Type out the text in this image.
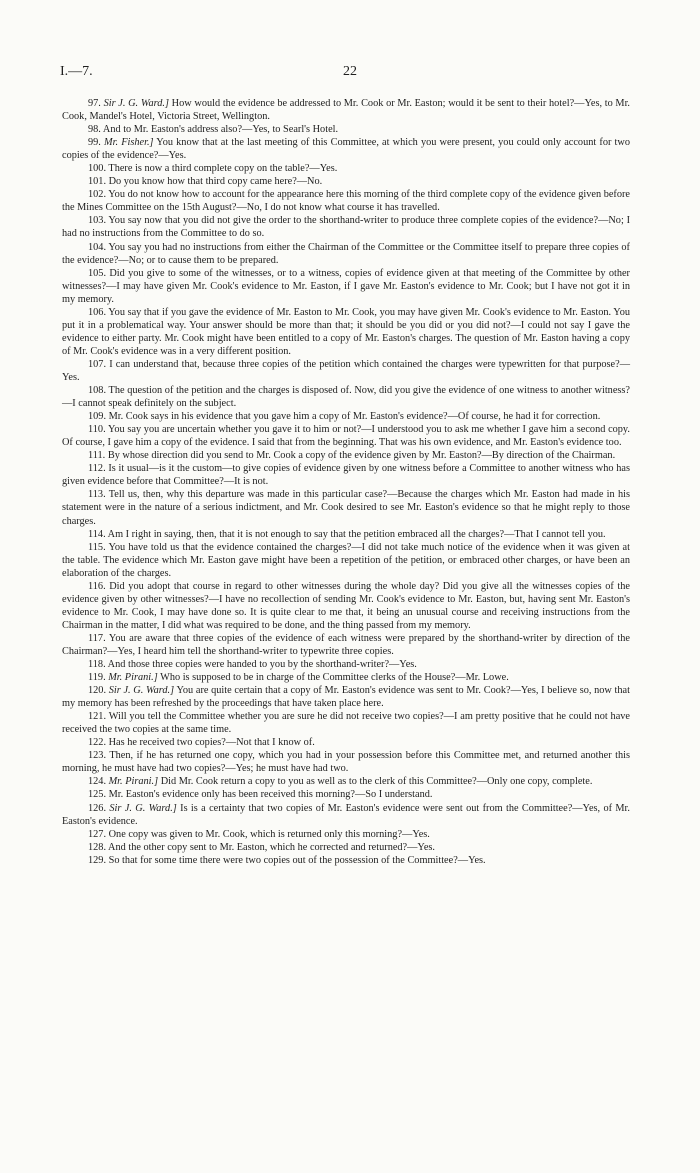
I.—7.	22

97. Sir J. G. Ward.] How would the evidence be addressed to Mr. Cook or Mr. Easton; would it be sent to their hotel?—Yes, to Mr. Cook, Mandel's Hotel, Victoria Street, Wellington.

98. And to Mr. Easton's address also?—Yes, to Searl's Hotel.

99. Mr. Fisher.] You know that at the last meeting of this Committee, at which you were present, you could only account for two copies of the evidence?—Yes.

100. There is now a third complete copy on the table?—Yes.

101. Do you know how that third copy came here?—No.

102. You do not know how to account for the appearance here this morning of the third complete copy of the evidence given before the Mines Committee on the 15th August?—No, I do not know what course it has travelled.

103. You say now that you did not give the order to the shorthand-writer to produce three complete copies of the evidence?—No; I had no instructions from the Committee to do so.

104. You say you had no instructions from either the Chairman of the Committee or the Committee itself to prepare three copies of the evidence?—No; or to cause them to be prepared.

105. Did you give to some of the witnesses, or to a witness, copies of evidence given at that meeting of the Committee by other witnesses?—I may have given Mr. Cook's evidence to Mr. Easton, if I gave Mr. Easton's evidence to Mr. Cook; but I have not got it in my memory.

106. You say that if you gave the evidence of Mr. Easton to Mr. Cook, you may have given Mr. Cook's evidence to Mr. Easton. You put it in a problematical way. Your answer should be more than that; it should be you did or you did not?—I could not say I gave the evidence to either party. Mr. Cook might have been entitled to a copy of Mr. Easton's charges. The question of Mr. Easton having a copy of Mr. Cook's evidence was in a very different position.

107. I can understand that, because three copies of the petition which contained the charges were typewritten for that purpose?—Yes.

108. The question of the petition and the charges is disposed of. Now, did you give the evidence of one witness to another witness?—I cannot speak definitely on the subject.

109. Mr. Cook says in his evidence that you gave him a copy of Mr. Easton's evidence?—Of course, he had it for correction.

110. You say you are uncertain whether you gave it to him or not?—I understood you to ask me whether I gave him a second copy. Of course, I gave him a copy of the evidence. I said that from the beginning. That was his own evidence, and Mr. Easton's evidence too.

111. By whose direction did you send to Mr. Cook a copy of the evidence given by Mr. Easton?—By direction of the Chairman.

112. Is it usual—is it the custom—to give copies of evidence given by one witness before a Committee to another witness who has given evidence before that Committee?—It is not.

113. Tell us, then, why this departure was made in this particular case?—Because the charges which Mr. Easton had made in his statement were in the nature of a serious indictment, and Mr. Cook desired to see Mr. Easton's evidence so that he might reply to those charges.

114. Am I right in saying, then, that it is not enough to say that the petition embraced all the charges?—That I cannot tell you.

115. You have told us that the evidence contained the charges?—I did not take much notice of the evidence when it was given at the table. The evidence which Mr. Easton gave might have been a repetition of the petition, or embraced other charges, or have been an elaboration of the charges.

116. Did you adopt that course in regard to other witnesses during the whole day? Did you give all the witnesses copies of the evidence given by other witnesses?—I have no recollection of sending Mr. Cook's evidence to Mr. Easton, but, having sent Mr. Easton's evidence to Mr. Cook, I may have done so. It is quite clear to me that, it being an unusual course and receiving instructions from the Chairman in the matter, I did what was required to be done, and the thing passed from my memory.

117. You are aware that three copies of the evidence of each witness were prepared by the shorthand-writer by direction of the Chairman?—Yes, I heard him tell the shorthand-writer to typewrite three copies.

118. And those three copies were handed to you by the shorthand-writer?—Yes.

119. Mr. Pirani.] Who is supposed to be in charge of the Committee clerks of the House?—Mr. Lowe.

120. Sir J. G. Ward.] You are quite certain that a copy of Mr. Easton's evidence was sent to Mr. Cook?—Yes, I believe so, now that my memory has been refreshed by the proceedings that have taken place here.

121. Will you tell the Committee whether you are sure he did not receive two copies?—I am pretty positive that he could not have received the two copies at the same time.

122. Has he received two copies?—Not that I know of.

123. Then, if he has returned one copy, which you had in your possession before this Committee met, and returned another this morning, he must have had two copies?—Yes; he must have had two.

124. Mr. Pirani.] Did Mr. Cook return a copy to you as well as to the clerk of this Committee?—Only one copy, complete.

125. Mr. Easton's evidence only has been received this morning?—So I understand.

126. Sir J. G. Ward.] Is is a certainty that two copies of Mr. Easton's evidence were sent out from the Committee?—Yes, of Mr. Easton's evidence.

127. One copy was given to Mr. Cook, which is returned only this morning?—Yes.

128. And the other copy sent to Mr. Easton, which he corrected and returned?—Yes.

129. So that for some time there were two copies out of the possession of the Committee?—Yes.
